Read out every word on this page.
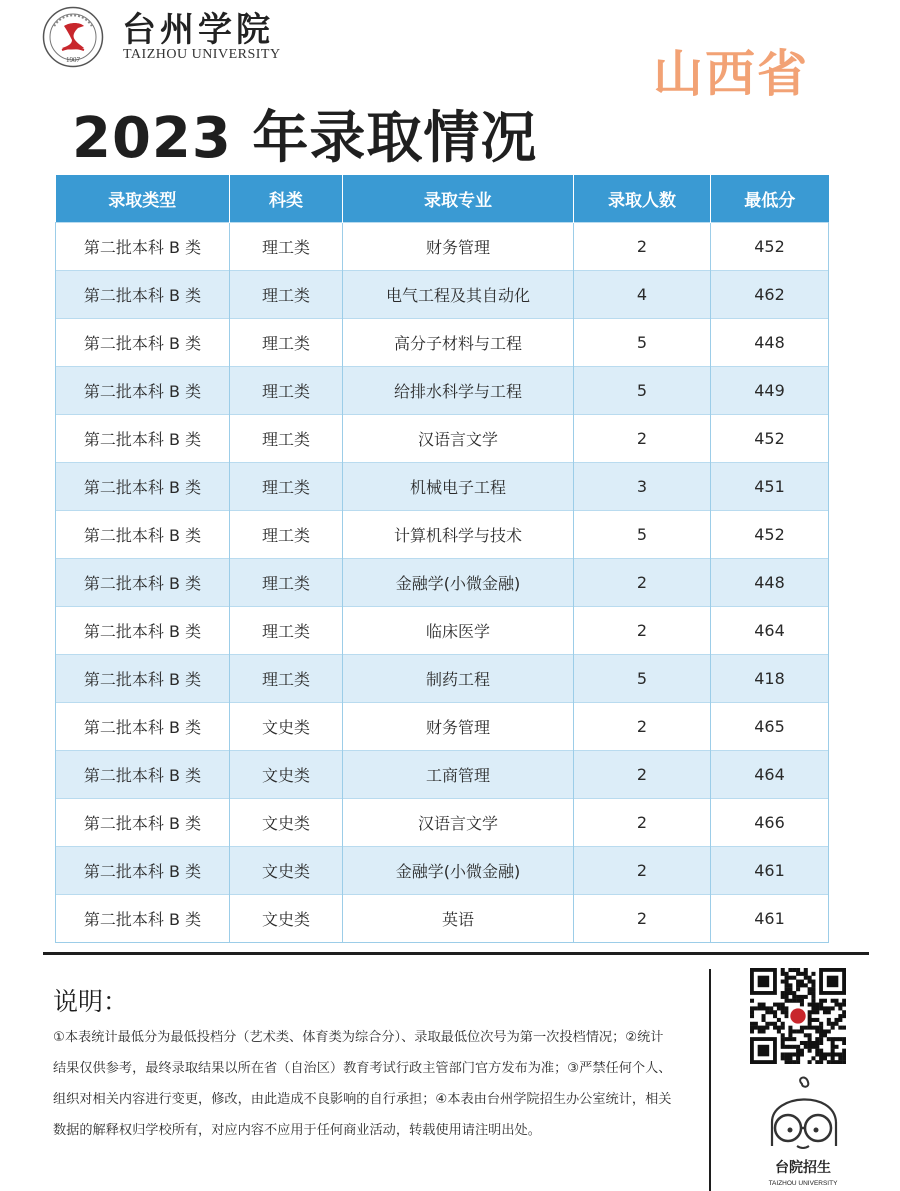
1907
台州学院
TAIZHOU UNIVERSITY	山西省
2023 年录取情况
录取类型	科类	录取专业	录取人数	最低分
第二批本科 B 类	理工类	财务管理	2	452
第二批本科 B 类	理工类	电气工程及其自动化	4	462
第二批本科 B 类	理工类	高分子材料与工程	5	448
第二批本科 B 类	理工类	给排水科学与工程	5	449
第二批本科 B 类	理工类	汉语言文学	2	452
第二批本科 B 类	理工类	机械电子工程	3	451
第二批本科 B 类	理工类	计算机科学与技术	5	452
第二批本科 B 类	理工类	金融学(小微金融)	2	448
第二批本科 B 类	理工类	临床医学	2	464
第二批本科 B 类	理工类	制药工程	5	418
第二批本科 B 类	文史类	财务管理	2	465
第二批本科 B 类	文史类	工商管理	2	464
第二批本科 B 类	文史类	汉语言文学	2	466
第二批本科 B 类	文史类	金融学(小微金融)	2	461
第二批本科 B 类	文史类	英语	2	461
说明：
①本表统计最低分为最低投档分（艺术类、体育类为综合分）、录取最低位次号为第一次投档情况；②统计
结果仅供参考，最终录取结果以所在省（自治区）教育考试行政主管部门官方发布为准；③严禁任何个人、
组织对相关内容进行变更，修改，由此造成不良影响的自行承担；④本表由台州学院招生办公室统计，相关
数据的解释权归学校所有，对应内容不应用于任何商业活动，转载使用请注明出处。
台院招生
TAIZHOU UNIVERSITY
